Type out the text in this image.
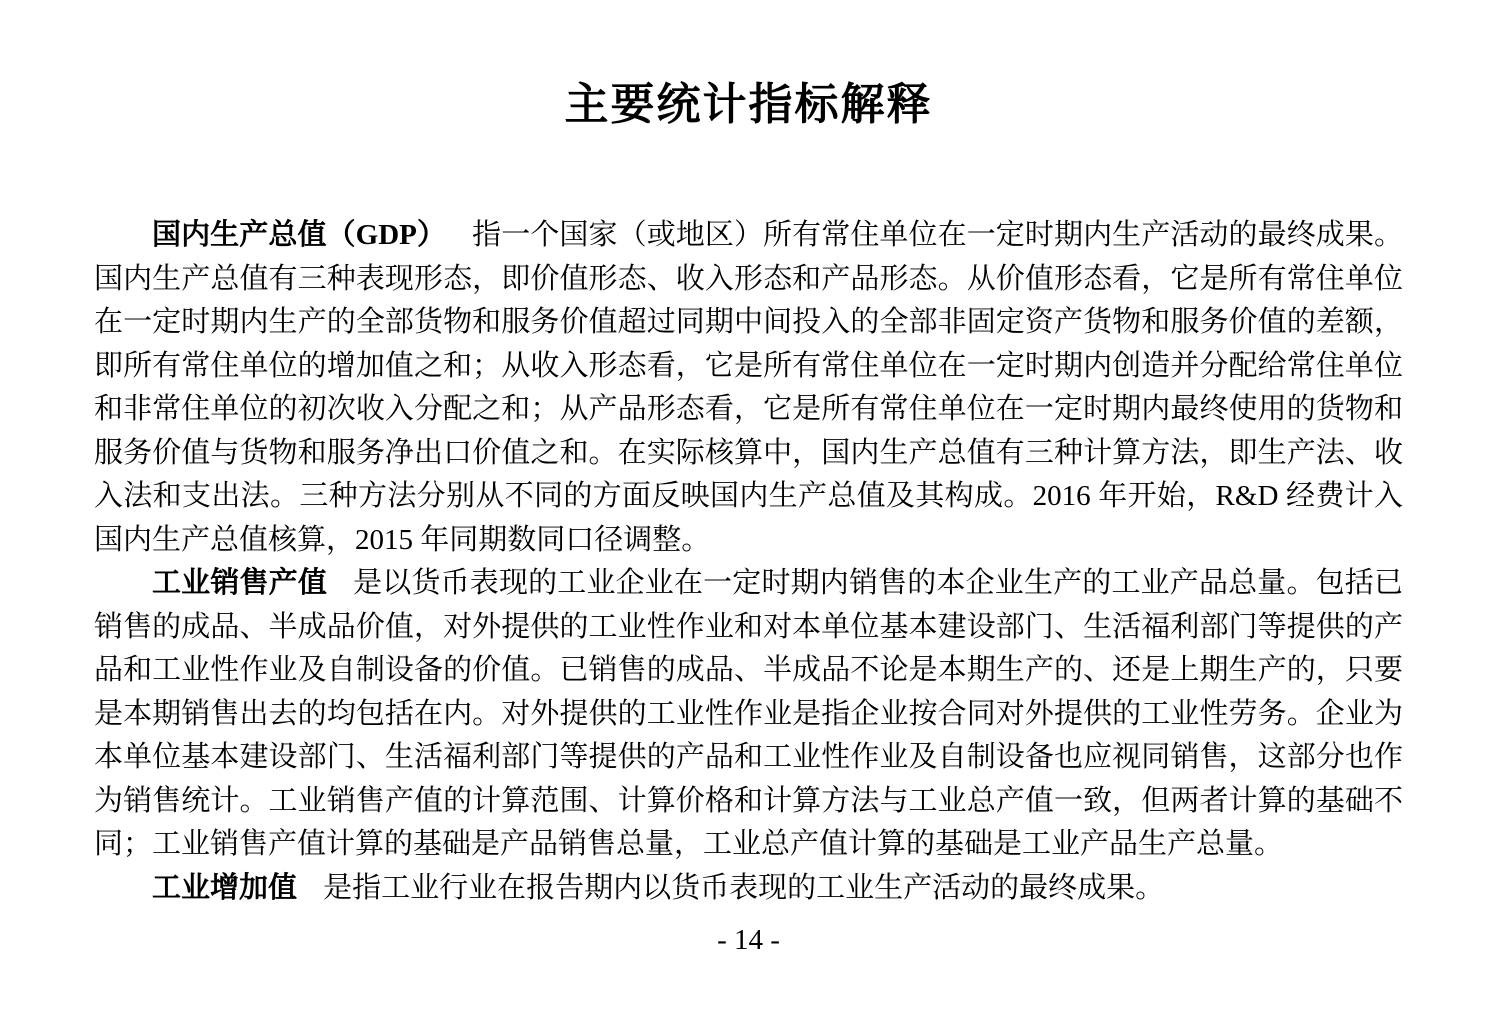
主要统计指标解释

国内生产总值（GDP） 指一个国家（或地区）所有常住单位在一定时期内生产活动的最终成果。国内生产总值有三种表现形态，即价值形态、收入形态和产品形态。从价值形态看，它是所有常住单位在一定时期内生产的全部货物和服务价值超过同期中间投入的全部非固定资产货物和服务价值的差额，即所有常住单位的增加值之和；从收入形态看，它是所有常住单位在一定时期内创造并分配给常住单位和非常住单位的初次收入分配之和；从产品形态看，它是所有常住单位在一定时期内最终使用的货物和服务价值与货物和服务净出口价值之和。在实际核算中，国内生产总值有三种计算方法，即生产法、收入法和支出法。三种方法分别从不同的方面反映国内生产总值及其构成。2016 年开始，R&D 经费计入国内生产总值核算，2015 年同期数同口径调整。

工业销售产值 是以货币表现的工业企业在一定时期内销售的本企业生产的工业产品总量。包括已销售的成品、半成品价值，对外提供的工业性作业和对本单位基本建设部门、生活福利部门等提供的产品和工业性作业及自制设备的价值。已销售的成品、半成品不论是本期生产的、还是上期生产的，只要是本期销售出去的均包括在内。对外提供的工业性作业是指企业按合同对外提供的工业性劳务。企业为本单位基本建设部门、生活福利部门等提供的产品和工业性作业及自制设备也应视同销售，这部分也作为销售统计。工业销售产值的计算范围、计算价格和计算方法与工业总产值一致，但两者计算的基础不同；工业销售产值计算的基础是产品销售总量，工业总产值计算的基础是工业产品生产总量。

工业增加值 是指工业行业在报告期内以货币表现的工业生产活动的最终成果。

- 14 -
